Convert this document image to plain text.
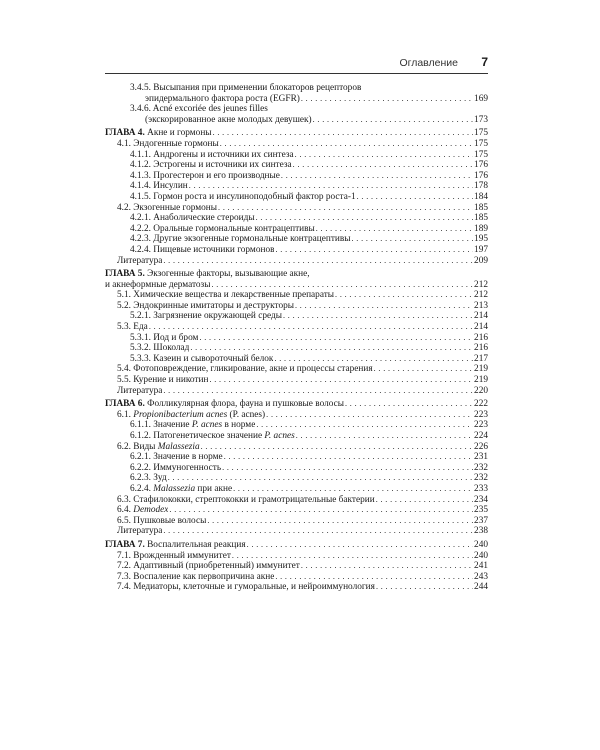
Оглавление 7
3.4.5. Высыпания при применении блокаторов рецепторов
эпидермального фактора роста (EGFR) . . .	169
3.4.6. Acné excoriée des jeunes filles
(экскорированное акне молодых девушек) . . .	173
ГЛАВА 4. Акне и гормоны . . .	175
4.1. Эндогенные гормоны . . .	175
4.1.1. Андрогены и источники их синтеза . . .	175
4.1.2. Эстрогены и источники их синтеза . . .	176
4.1.3. Прогестерон и его производные . . .	176
4.1.4. Инсулин . . .	178
4.1.5. Гормон роста и инсулиноподобный фактор роста-1 . . .	184
4.2. Экзогенные гормоны . . .	185
4.2.1. Анаболические стероиды . . .	185
4.2.2. Оральные гормональные контрацептивы . . .	189
4.2.3. Другие экзогенные гормональные контрацептивы . . .	195
4.2.4. Пищевые источники гормонов . . .	197
Литература . . .	209
ГЛАВА 5. Экзогенные факторы, вызывающие акне,
и акнеформные дерматозы . . .	212
5.1. Химические вещества и лекарственные препараты . . .	212
5.2. Эндокринные имитаторы и деструкторы . . .	213
5.2.1. Загрязнение окружающей среды . . .	214
5.3. Еда . . .	214
5.3.1. Йод и бром . . .	216
5.3.2. Шоколад . . .	216
5.3.3. Казеин и сывороточный белок . . .	217
5.4. Фотоповреждение, гликирование, акне и процессы старения . . .	219
5.5. Курение и никотин . . .	219
Литература . . .	220
ГЛАВА 6. Фолликулярная флора, фауна и пушковые волосы . . .	222
6.1. Propionibacterium acnes (P. acnes) . . .	223
6.1.1. Значение P. acnes в норме . . .	223
6.1.2. Патогенетическое значение P. acnes . . .	224
6.2. Виды Malassezia . . .	226
6.2.1. Значение в норме . . .	231
6.2.2. Иммуногенность . . .	232
6.2.3. Зуд . . .	232
6.2.4. Malassezia при акне . . .	233
6.3. Стафилококки, стрептококки и грамотрицательные бактерии . . .	234
6.4. Demodex . . .	235
6.5. Пушковые волосы . . .	237
Литература . . .	238
ГЛАВА 7. Воспалительная реакция . . .	240
7.1. Врожденный иммунитет . . .	240
7.2. Адаптивный (приобретенный) иммунитет . . .	241
7.3. Воспаление как первопричина акне . . .	243
7.4. Медиаторы, клеточные и гуморальные, и нейроиммунология . . .	244
